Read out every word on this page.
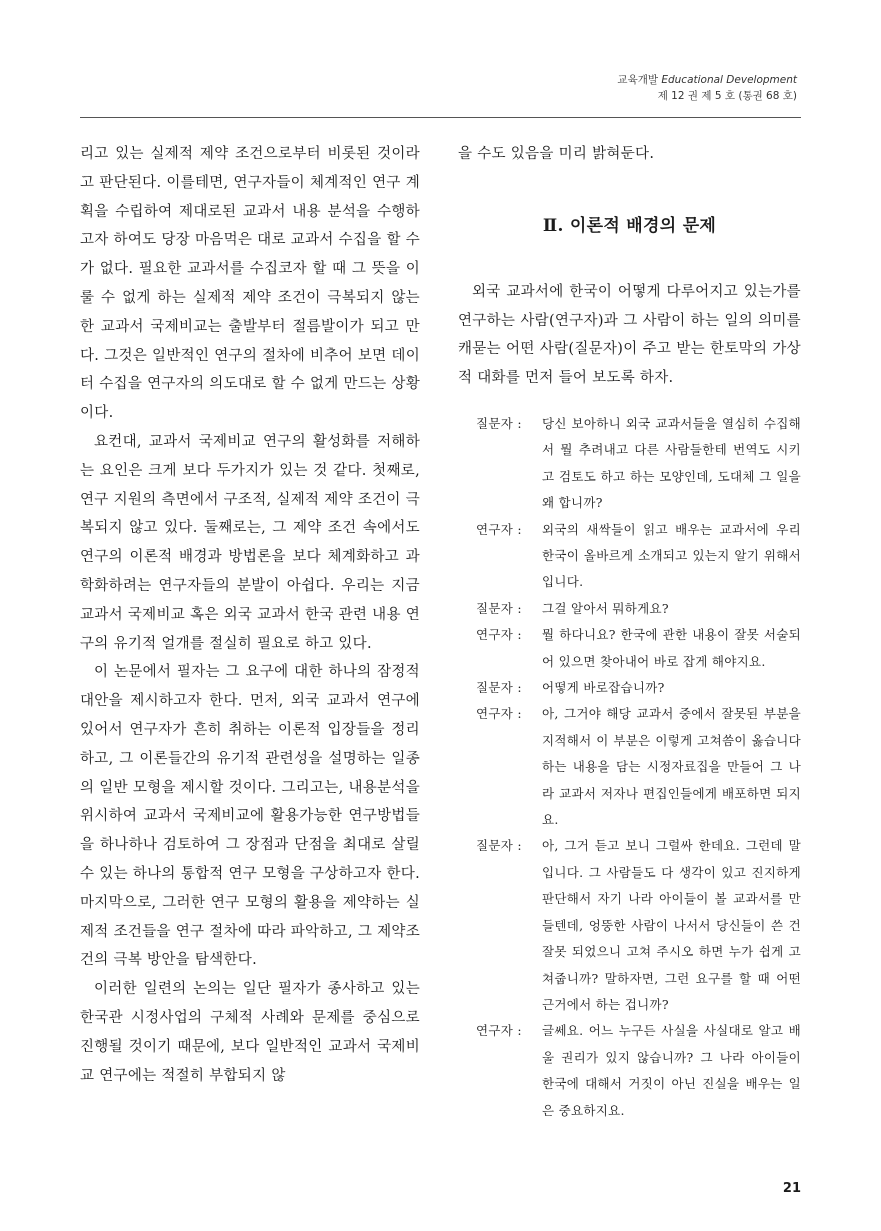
교육개발 Educational Development
제 12 권 제 5 호 (통권 68 호)

리고 있는 실제적 제약 조건으로부터 비롯된 것이라고 판단된다. 이를테면, 연구자들이 체계적인 연구 계획을 수립하여 제대로된 교과서 내용 분석을 수행하고자 하여도 당장 마음먹은 대로 교과서 수집을 할 수가 없다. 필요한 교과서를 수집코자 할 때 그 뜻을 이룰 수 없게 하는 실제적 제약 조건이 극복되지 않는 한 교과서 국제비교는 출발부터 절름발이가 되고 만다. 그것은 일반적인 연구의 절차에 비추어 보면 데이터 수집을 연구자의 의도대로 할 수 없게 만드는 상황이다.

요컨대, 교과서 국제비교 연구의 활성화를 저해하는 요인은 크게 보다 두가지가 있는 것 같다. 첫째로, 연구 지원의 측면에서 구조적, 실제적 제약 조건이 극복되지 않고 있다. 둘째로는, 그 제약 조건 속에서도 연구의 이론적 배경과 방법론을 보다 체계화하고 과학화하려는 연구자들의 분발이 아쉽다. 우리는 지금 교과서 국제비교 혹은 외국 교과서 한국 관련 내용 연구의 유기적 얼개를 절실히 필요로 하고 있다.

이 논문에서 필자는 그 요구에 대한 하나의 잠정적 대안을 제시하고자 한다. 먼저, 외국 교과서 연구에 있어서 연구자가 흔히 취하는 이론적 입장들을 정리하고, 그 이론들간의 유기적 관련성을 설명하는 일종의 일반 모형을 제시할 것이다. 그리고는, 내용분석을 위시하여 교과서 국제비교에 활용가능한 연구방법들을 하나하나 검토하여 그 장점과 단점을 최대로 살릴 수 있는 하나의 통합적 연구 모형을 구상하고자 한다. 마지막으로, 그러한 연구 모형의 활용을 제약하는 실제적 조건들을 연구 절차에 따라 파악하고, 그 제약조건의 극복 방안을 탐색한다.

이러한 일련의 논의는 일단 필자가 종사하고 있는 한국관 시정사업의 구체적 사례와 문제를 중심으로 진행될 것이기 때문에, 보다 일반적인 교과서 국제비교 연구에는 적절히 부합되지 않

을 수도 있음을 미리 밝혀둔다.

Ⅱ. 이론적 배경의 문제

외국 교과서에 한국이 어떻게 다루어지고 있는가를 연구하는 사람(연구자)과 그 사람이 하는 일의 의미를 캐묻는 어떤 사람(질문자)이 주고 받는 한토막의 가상적 대화를 먼저 들어 보도록 하자.

질문자 :	당신 보아하니 외국 교과서들을 열심히 수집해서 뭘 추려내고 다른 사람들한테 번역도 시키고 검토도 하고 하는 모양인데, 도대체 그 일을 왜 합니까?
연구자 :	외국의 새싹들이 읽고 배우는 교과서에 우리 한국이 올바르게 소개되고 있는지 알기 위해서 입니다.
질문자 :	그걸 알아서 뭐하게요?
연구자 :	뭘 하다니요? 한국에 관한 내용이 잘못 서술되어 있으면 찾아내어 바로 잡게 해야지요.
질문자 :	어떻게 바로잡습니까?
연구자 :	아, 그거야 해당 교과서 중에서 잘못된 부분을 지적해서 이 부분은 이렇게 고쳐씀이 옳습니다 하는 내용을 담는 시정자료집을 만들어 그 나라 교과서 저자나 편집인들에게 배포하면 되지요.
질문자 :	아, 그거 듣고 보니 그럴싸 한데요. 그런데 말입니다. 그 사람들도 다 생각이 있고 진지하게 판단해서 자기 나라 아이들이 볼 교과서를 만들텐데, 엉뚱한 사람이 나서서 당신들이 쓴 건 잘못 되었으니 고쳐 주시오 하면 누가 쉽게 고쳐줍니까? 말하자면, 그런 요구를 할 때 어떤 근거에서 하는 겁니까?
연구자 :	글쎄요. 어느 누구든 사실을 사실대로 알고 배울 권리가 있지 않습니까? 그 나라 아이들이 한국에 대해서 거짓이 아닌 진실을 배우는 일은 중요하지요.
21
